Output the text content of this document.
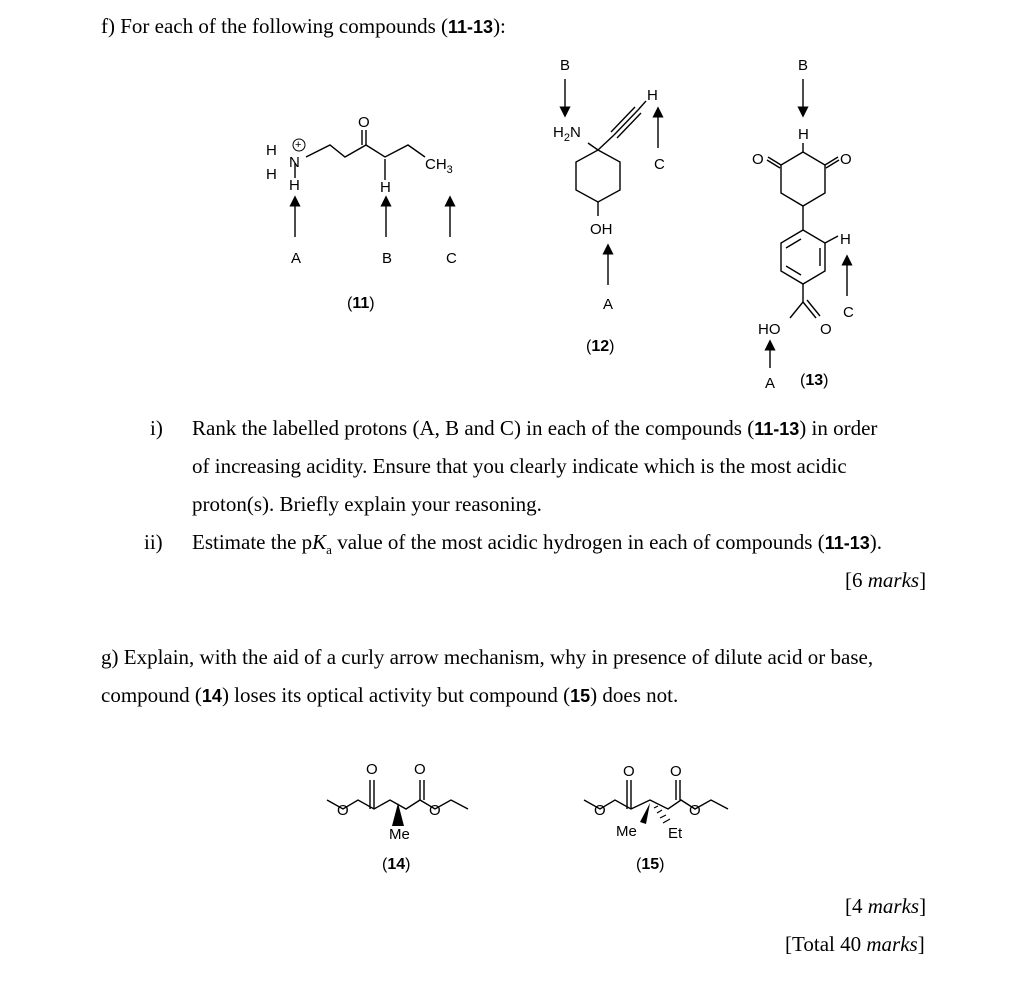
f) For each of the following compounds (11-13):
H
H
N
H
+
O
H
$CH_3$
A	B	C
(11)
B
$H_2N$
H
C
OH
A
(12)
B
H
O	O
H
C
HO	O
A (13)
i) Rank the labelled protons (A, B and C) in each of the compounds (11-13) in order
of increasing acidity. Ensure that you clearly indicate which is the most acidic
proton(s). Briefly explain your reasoning.
ii) Estimate the $pK_a$ value of the most acidic hydrogen in each of compounds (11-13).
[6 marks]
g) Explain, with the aid of a curly arrow mechanism, why in presence of dilute acid or base,
compound (14) loses its optical activity but compound (15) does not.
O O
O	O
Me
(14)
O O
O	O
Me Et
(15)
[4 marks]
[Total 40 marks]
